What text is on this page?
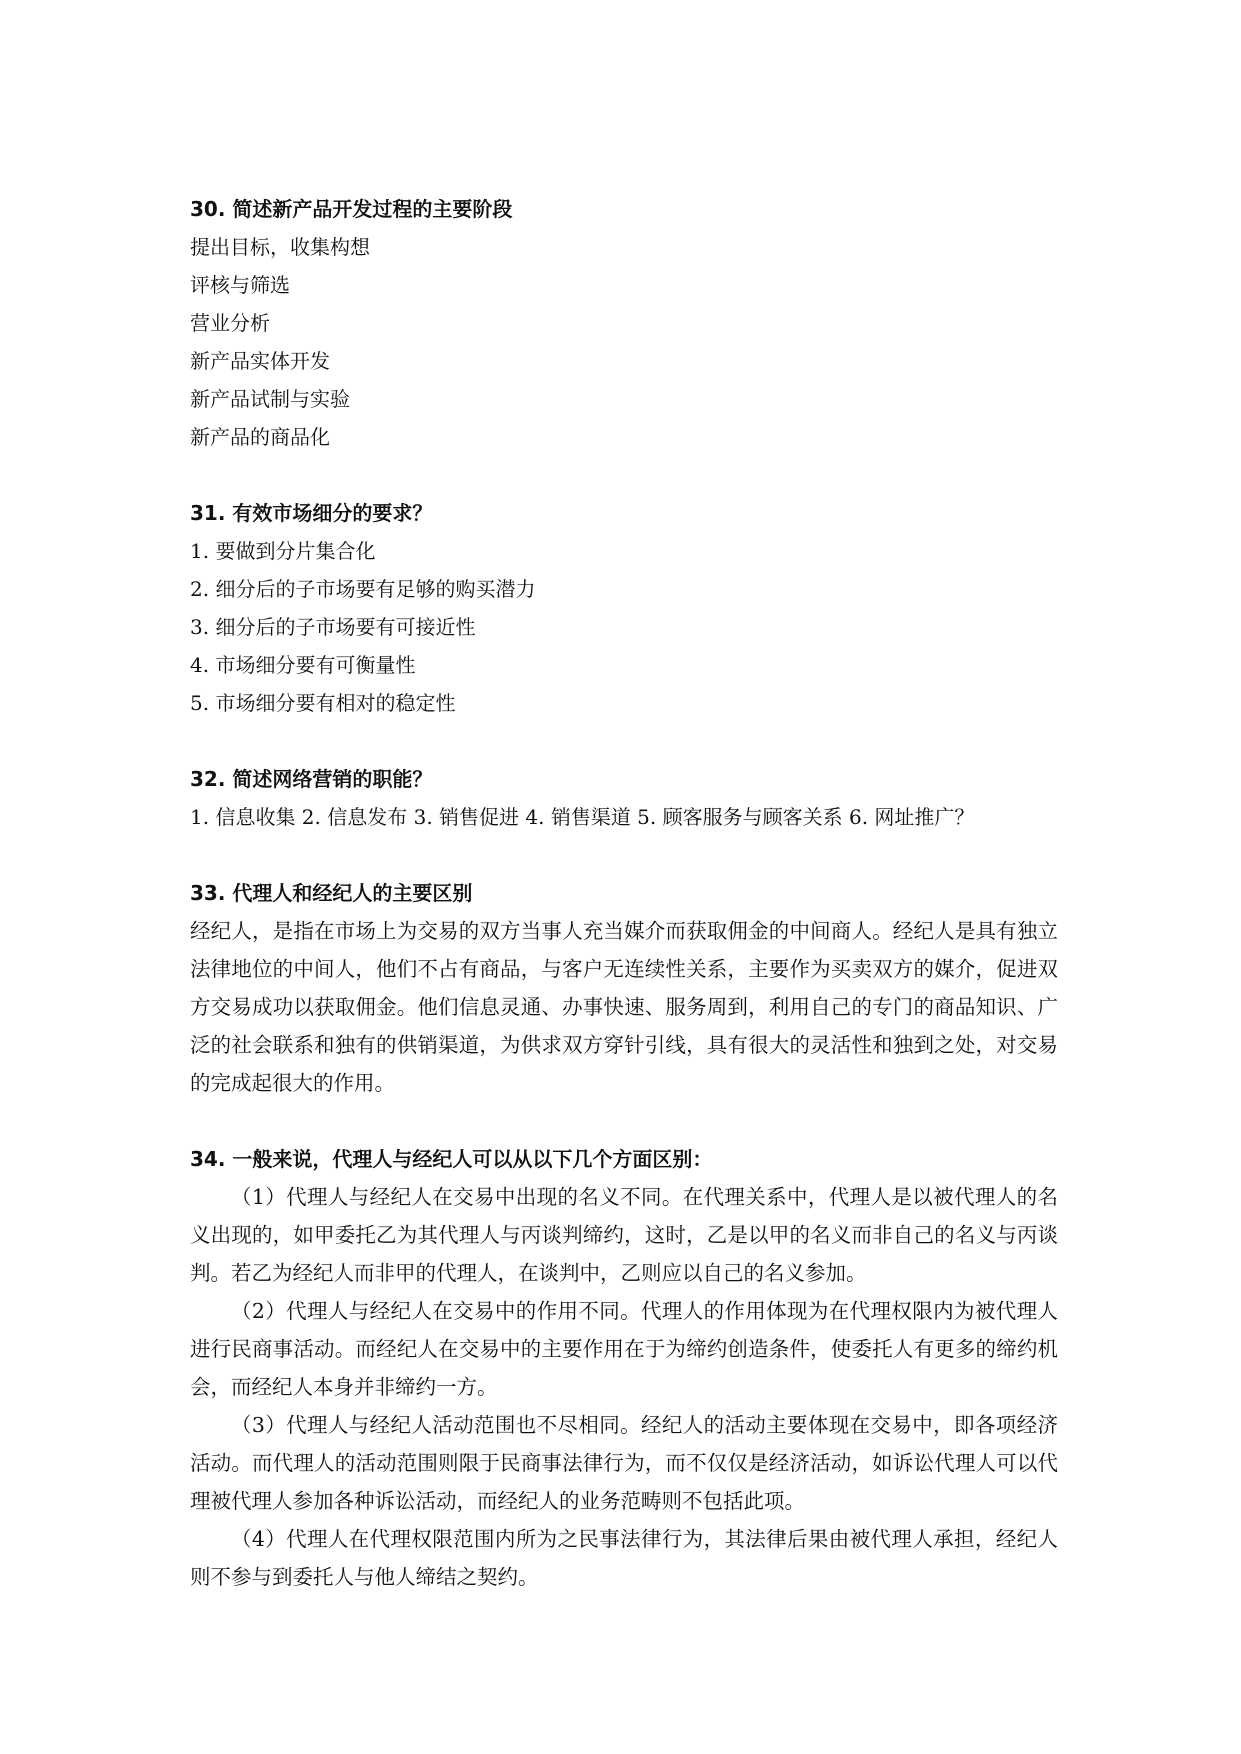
30. 简述新产品开发过程的主要阶段

提出目标，收集构想

评核与筛选

营业分析

新产品实体开发

新产品试制与实验

新产品的商品化

31. 有效市场细分的要求？

1. 要做到分片集合化

2. 细分后的子市场要有足够的购买潜力

3. 细分后的子市场要有可接近性

4. 市场细分要有可衡量性

5. 市场细分要有相对的稳定性

32. 简述网络营销的职能？

1. 信息收集 2. 信息发布 3. 销售促进 4. 销售渠道 5. 顾客服务与顾客关系 6. 网址推广？

33. 代理人和经纪人的主要区别

经纪人，是指在市场上为交易的双方当事人充当媒介而获取佣金的中间商人。经纪人是具有独立法律地位的中间人，他们不占有商品，与客户无连续性关系，主要作为买卖双方的媒介，促进双方交易成功以获取佣金。他们信息灵通、办事快速、服务周到，利用自己的专门的商品知识、广泛的社会联系和独有的供销渠道，为供求双方穿针引线，具有很大的灵活性和独到之处，对交易的完成起很大的作用。

34. 一般来说，代理人与经纪人可以从以下几个方面区别：

（1）代理人与经纪人在交易中出现的名义不同。在代理关系中，代理人是以被代理人的名义出现的，如甲委托乙为其代理人与丙谈判缔约，这时，乙是以甲的名义而非自己的名义与丙谈判。若乙为经纪人而非甲的代理人，在谈判中，乙则应以自己的名义参加。

（2）代理人与经纪人在交易中的作用不同。代理人的作用体现为在代理权限内为被代理人进行民商事活动。而经纪人在交易中的主要作用在于为缔约创造条件，使委托人有更多的缔约机会，而经纪人本身并非缔约一方。

（3）代理人与经纪人活动范围也不尽相同。经纪人的活动主要体现在交易中，即各项经济活动。而代理人的活动范围则限于民商事法律行为，而不仅仅是经济活动，如诉讼代理人可以代理被代理人参加各种诉讼活动，而经纪人的业务范畴则不包括此项。

（4）代理人在代理权限范围内所为之民事法律行为，其法律后果由被代理人承担，经纪人则不参与到委托人与他人缔结之契约。
